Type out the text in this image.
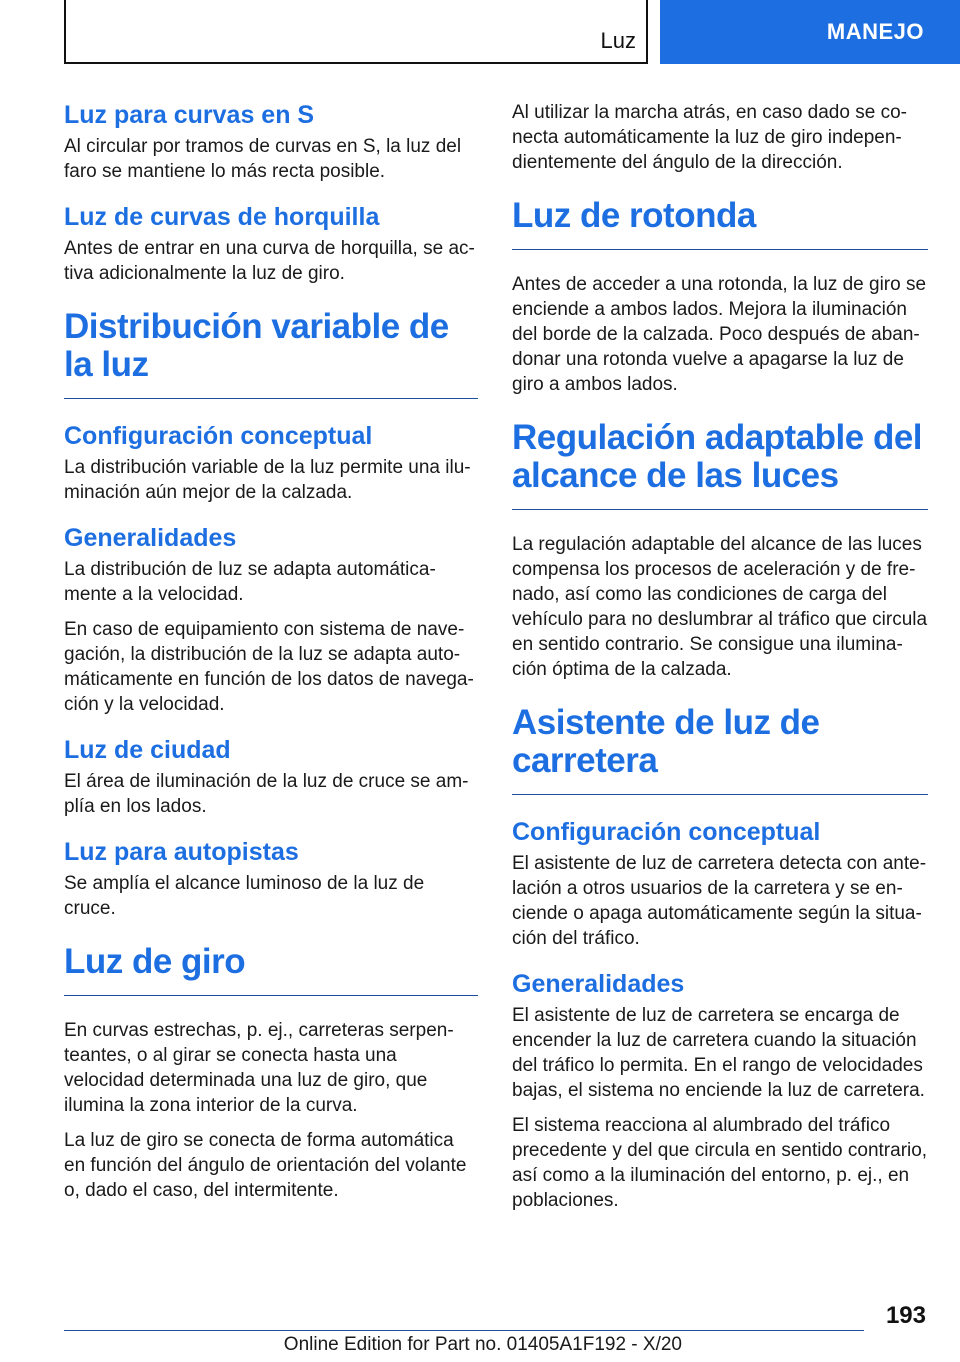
Luz	MANEJO
Luz para curvas en S

Al circular por tramos de curvas en S, la luz del faro se mantiene lo más recta posible.

Luz de curvas de horquilla

Antes de entrar en una curva de horquilla, se activa adicionalmente la luz de giro.

Distribución variable de la luz
Configuración conceptual

La distribución variable de la luz permite una iluminación aún mejor de la calzada.

Generalidades

La distribución de luz se adapta automáticamente a la velocidad.

En caso de equipamiento con sistema de navegación, la distribución de la luz se adapta automáticamente en función de los datos de navegación y la velocidad.

Luz de ciudad

El área de iluminación de la luz de cruce se amplía en los lados.

Luz para autopistas

Se amplía el alcance luminoso de la luz de cruce.

Luz de giro

En curvas estrechas, p. ej., carreteras serpenteantes, o al girar se conecta hasta una velocidad determinada una luz de giro, que ilumina la zona interior de la curva.

La luz de giro se conecta de forma automática en función del ángulo de orientación del volante o, dado el caso, del intermitente.

Al utilizar la marcha atrás, en caso dado se conecta automáticamente la luz de giro independientemente del ángulo de la dirección.

Luz de rotonda

Antes de acceder a una rotonda, la luz de giro se enciende a ambos lados. Mejora la iluminación del borde de la calzada. Poco después de abandonar una rotonda vuelve a apagarse la luz de giro a ambos lados.

Regulación adaptable del alcance de las luces

La regulación adaptable del alcance de las luces compensa los procesos de aceleración y de frenado, así como las condiciones de carga del vehículo para no deslumbrar al tráfico que circula en sentido contrario. Se consigue una iluminación óptima de la calzada.

Asistente de luz de carretera
Configuración conceptual

El asistente de luz de carretera detecta con antelación a otros usuarios de la carretera y se enciende o apaga automáticamente según la situación del tráfico.

Generalidades

El asistente de luz de carretera se encarga de encender la luz de carretera cuando la situación del tráfico lo permita. En el rango de velocidades bajas, el sistema no enciende la luz de carretera.

El sistema reacciona al alumbrado del tráfico precedente y del que circula en sentido contrario, así como a la iluminación del entorno, p. ej., en poblaciones.

193
Online Edition for Part no. 01405A1F192 - X/20
